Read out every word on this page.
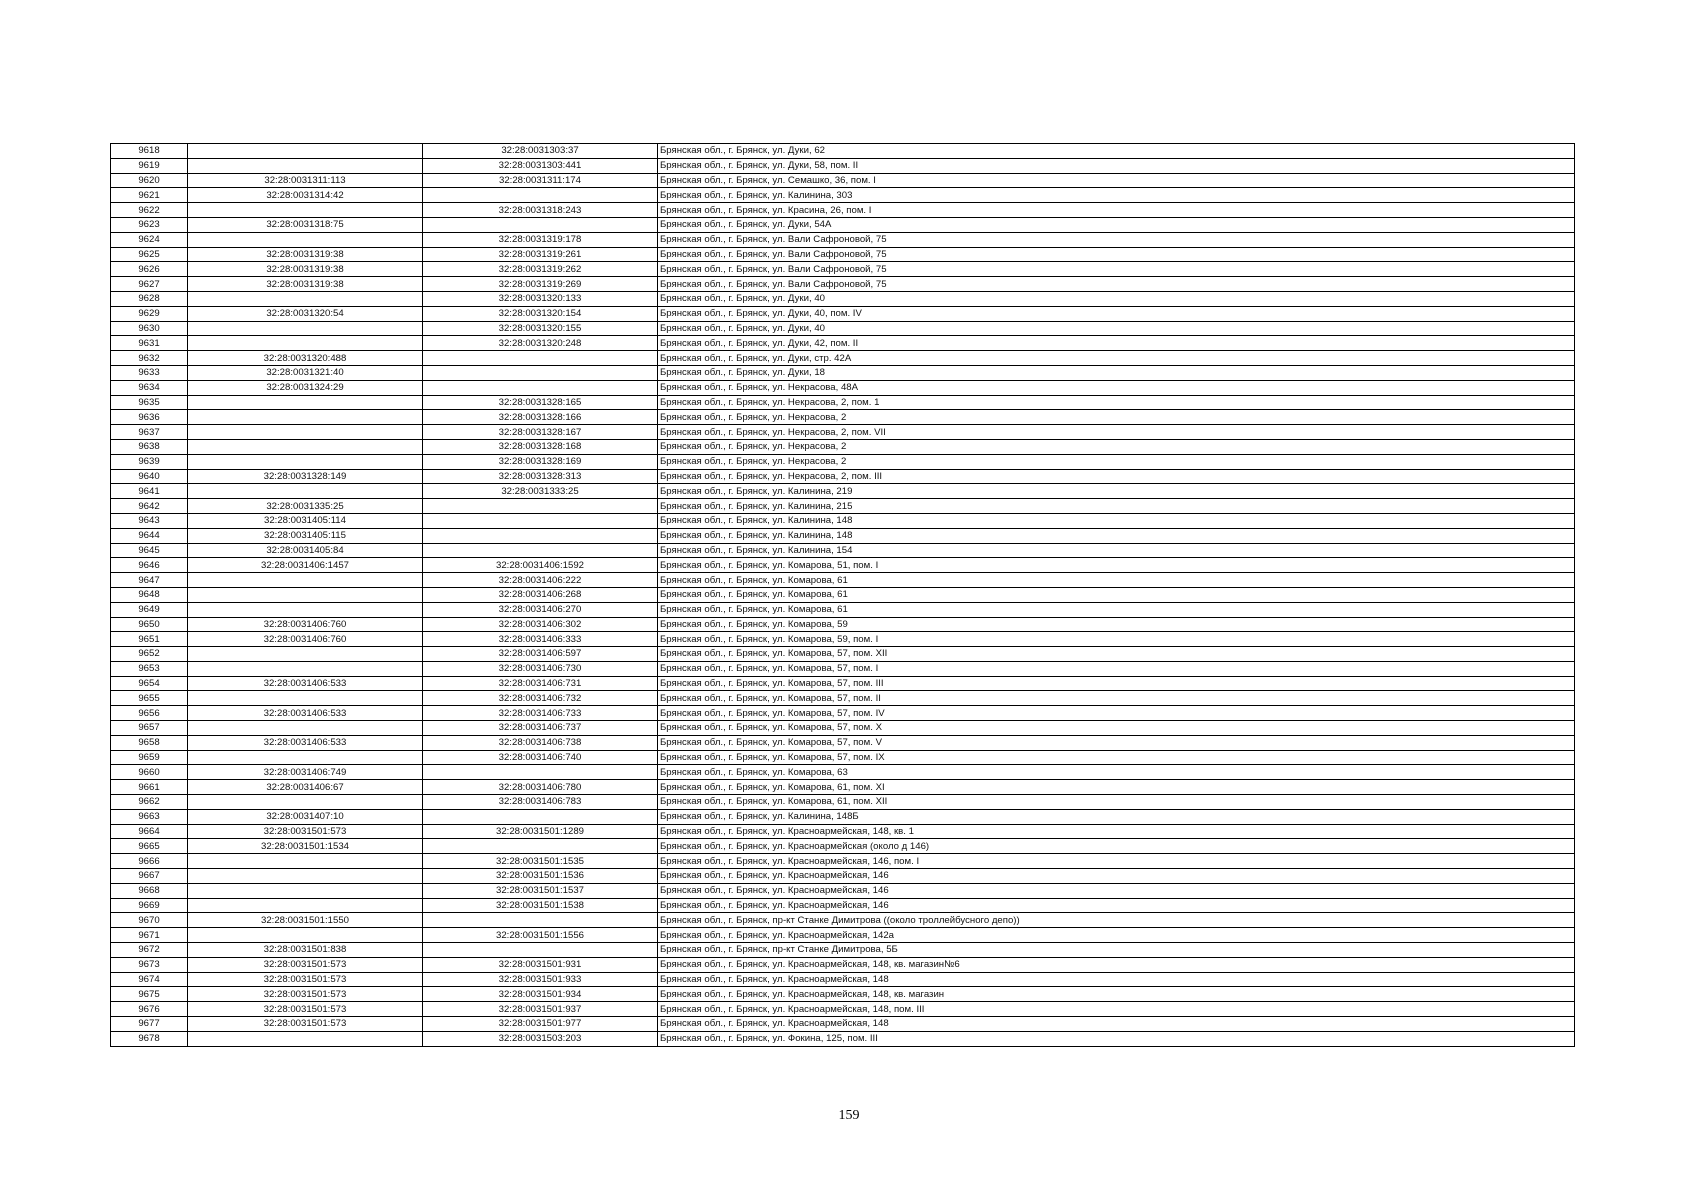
9618		32:28:0031303:37	Брянская обл., г. Брянск, ул. Дуки, 62
9619		32:28:0031303:441	Брянская обл., г. Брянск, ул. Дуки, 58, пом. II
9620	32:28:0031311:113	32:28:0031311:174	Брянская обл., г. Брянск, ул. Семашко, 36, пом. I
9621	32:28:0031314:42		Брянская обл., г. Брянск, ул. Калинина, 303
9622		32:28:0031318:243	Брянская обл., г. Брянск, ул. Красина, 26, пом. I
9623	32:28:0031318:75		Брянская обл., г. Брянск, ул. Дуки, 54А
9624		32:28:0031319:178	Брянская обл., г. Брянск, ул. Вали Сафроновой, 75
9625	32:28:0031319:38	32:28:0031319:261	Брянская обл., г. Брянск, ул. Вали Сафроновой, 75
9626	32:28:0031319:38	32:28:0031319:262	Брянская обл., г. Брянск, ул. Вали Сафроновой, 75
9627	32:28:0031319:38	32:28:0031319:269	Брянская обл., г. Брянск, ул. Вали Сафроновой, 75
9628		32:28:0031320:133	Брянская обл., г. Брянск, ул. Дуки, 40
9629	32:28:0031320:54	32:28:0031320:154	Брянская обл., г. Брянск, ул. Дуки, 40, пом. IV
9630		32:28:0031320:155	Брянская обл., г. Брянск, ул. Дуки, 40
9631		32:28:0031320:248	Брянская обл., г. Брянск, ул. Дуки, 42, пом. II
9632	32:28:0031320:488		Брянская обл., г. Брянск, ул. Дуки, стр. 42А
9633	32:28:0031321:40		Брянская обл., г. Брянск, ул. Дуки, 18
9634	32:28:0031324:29		Брянская обл., г. Брянск, ул. Некрасова, 48А
9635		32:28:0031328:165	Брянская обл., г. Брянск, ул. Некрасова, 2, пом. 1
9636		32:28:0031328:166	Брянская обл., г. Брянск, ул. Некрасова, 2
9637		32:28:0031328:167	Брянская обл., г. Брянск, ул. Некрасова, 2, пом. VII
9638		32:28:0031328:168	Брянская обл., г. Брянск, ул. Некрасова, 2
9639		32:28:0031328:169	Брянская обл., г. Брянск, ул. Некрасова, 2
9640	32:28:0031328:149	32:28:0031328:313	Брянская обл., г. Брянск, ул. Некрасова, 2, пом. III
9641		32:28:0031333:25	Брянская обл., г. Брянск, ул. Калинина, 219
9642	32:28:0031335:25		Брянская обл., г. Брянск, ул. Калинина, 215
9643	32:28:0031405:114		Брянская обл., г. Брянск, ул. Калинина, 148
9644	32:28:0031405:115		Брянская обл., г. Брянск, ул. Калинина, 148
9645	32:28:0031405:84		Брянская обл., г. Брянск, ул. Калинина, 154
9646	32:28:0031406:1457	32:28:0031406:1592	Брянская обл., г. Брянск, ул. Комарова, 51, пом. I
9647		32:28:0031406:222	Брянская обл., г. Брянск, ул. Комарова, 61
9648		32:28:0031406:268	Брянская обл., г. Брянск, ул. Комарова, 61
9649		32:28:0031406:270	Брянская обл., г. Брянск, ул. Комарова, 61
9650	32:28:0031406:760	32:28:0031406:302	Брянская обл., г. Брянск, ул. Комарова, 59
9651	32:28:0031406:760	32:28:0031406:333	Брянская обл., г. Брянск, ул. Комарова, 59, пом. I
9652		32:28:0031406:597	Брянская обл., г. Брянск, ул. Комарова, 57, пом. XII
9653		32:28:0031406:730	Брянская обл., г. Брянск, ул. Комарова, 57, пом. I
9654	32:28:0031406:533	32:28:0031406:731	Брянская обл., г. Брянск, ул. Комарова, 57, пом. III
9655		32:28:0031406:732	Брянская обл., г. Брянск, ул. Комарова, 57, пом. II
9656	32:28:0031406:533	32:28:0031406:733	Брянская обл., г. Брянск, ул. Комарова, 57, пом. IV
9657		32:28:0031406:737	Брянская обл., г. Брянск, ул. Комарова, 57, пом. X
9658	32:28:0031406:533	32:28:0031406:738	Брянская обл., г. Брянск, ул. Комарова, 57, пом. V
9659		32:28:0031406:740	Брянская обл., г. Брянск, ул. Комарова, 57, пом. IX
9660	32:28:0031406:749		Брянская обл., г. Брянск, ул. Комарова, 63
9661	32:28:0031406:67	32:28:0031406:780	Брянская обл., г. Брянск, ул. Комарова, 61, пом. XI
9662		32:28:0031406:783	Брянская обл., г. Брянск, ул. Комарова, 61, пом. XII
9663	32:28:0031407:10		Брянская обл., г. Брянск, ул. Калинина, 148Б
9664	32:28:0031501:573	32:28:0031501:1289	Брянская обл., г. Брянск, ул. Красноармейская, 148, кв. 1
9665	32:28:0031501:1534		Брянская обл., г. Брянск, ул. Красноармейская (около д 146)
9666		32:28:0031501:1535	Брянская обл., г. Брянск, ул. Красноармейская, 146, пом. I
9667		32:28:0031501:1536	Брянская обл., г. Брянск, ул. Красноармейская, 146
9668		32:28:0031501:1537	Брянская обл., г. Брянск, ул. Красноармейская, 146
9669		32:28:0031501:1538	Брянская обл., г. Брянск, ул. Красноармейская, 146
9670	32:28:0031501:1550		Брянская обл., г. Брянск, пр-кт Станке Димитрова ((около троллейбусного депо))
9671		32:28:0031501:1556	Брянская обл., г. Брянск, ул. Красноармейская, 142а
9672	32:28:0031501:838		Брянская обл., г. Брянск, пр-кт Станке Димитрова, 5Б
9673	32:28:0031501:573	32:28:0031501:931	Брянская обл., г. Брянск, ул. Красноармейская, 148, кв. магазин№6
9674	32:28:0031501:573	32:28:0031501:933	Брянская обл., г. Брянск, ул. Красноармейская, 148
9675	32:28:0031501:573	32:28:0031501:934	Брянская обл., г. Брянск, ул. Красноармейская, 148, кв. магазин
9676	32:28:0031501:573	32:28:0031501:937	Брянская обл., г. Брянск, ул. Красноармейская, 148, пом. III
9677	32:28:0031501:573	32:28:0031501:977	Брянская обл., г. Брянск, ул. Красноармейская, 148
9678		32:28:0031503:203	Брянская обл., г. Брянск, ул. Фокина, 125, пом. III
159
